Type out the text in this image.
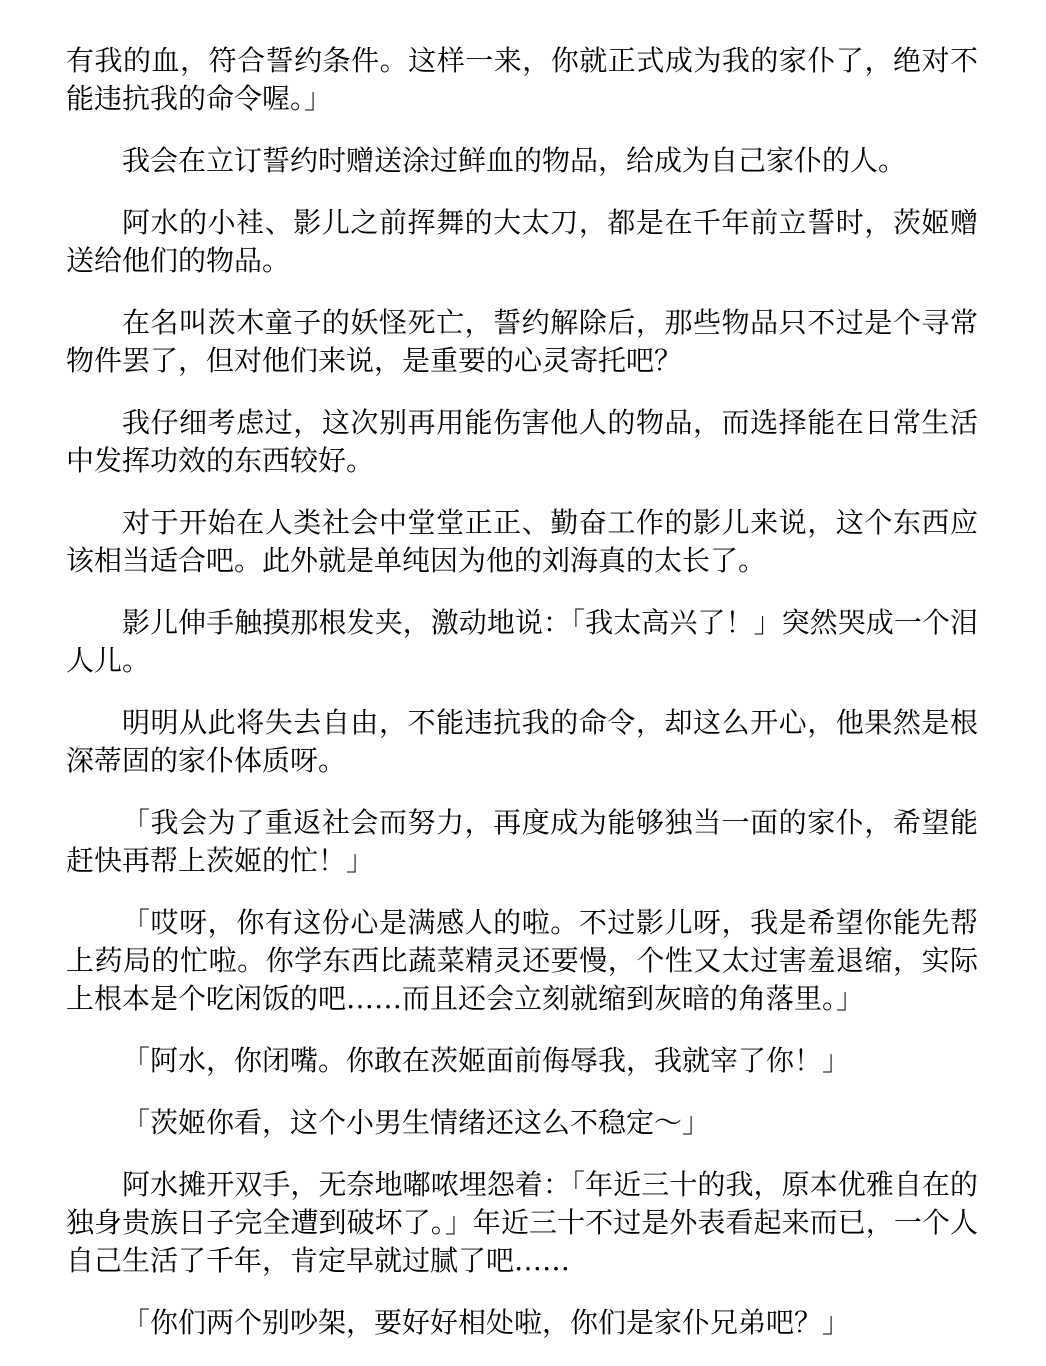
有我的血，符合誓约条件。这样一来，你就正式成为我的家仆了，绝对不能违抗我的命令喔。」

我会在立订誓约时赠送涂过鲜血的物品，给成为自己家仆的人。

阿水的小袿、影儿之前挥舞的大太刀，都是在千年前立誓时，茨姬赠送给他们的物品。

在名叫茨木童子的妖怪死亡，誓约解除后，那些物品只不过是个寻常物件罢了，但对他们来说，是重要的心灵寄托吧？

我仔细考虑过，这次别再用能伤害他人的物品，而选择能在日常生活中发挥功效的东西较好。

对于开始在人类社会中堂堂正正、勤奋工作的影儿来说，这个东西应该相当适合吧。此外就是单纯因为他的刘海真的太长了。

影儿伸手触摸那根发夹，激动地说：「我太高兴了！」突然哭成一个泪人儿。

明明从此将失去自由，不能违抗我的命令，却这么开心，他果然是根深蒂固的家仆体质呀。

「我会为了重返社会而努力，再度成为能够独当一面的家仆，希望能赶快再帮上茨姬的忙！」

「哎呀，你有这份心是满感人的啦。不过影儿呀，我是希望你能先帮上药局的忙啦。你学东西比蔬菜精灵还要慢，个性又太过害羞退缩，实际上根本是个吃闲饭的吧……而且还会立刻就缩到灰暗的角落里。」

「阿水，你闭嘴。你敢在茨姬面前侮辱我，我就宰了你！」

「茨姬你看，这个小男生情绪还这么不稳定～」

阿水摊开双手，无奈地嘟哝埋怨着：「年近三十的我，原本优雅自在的独身贵族日子完全遭到破坏了。」年近三十不过是外表看起来而已，一个人自己生活了千年，肯定早就过腻了吧……

「你们两个别吵架，要好好相处啦，你们是家仆兄弟吧？」
